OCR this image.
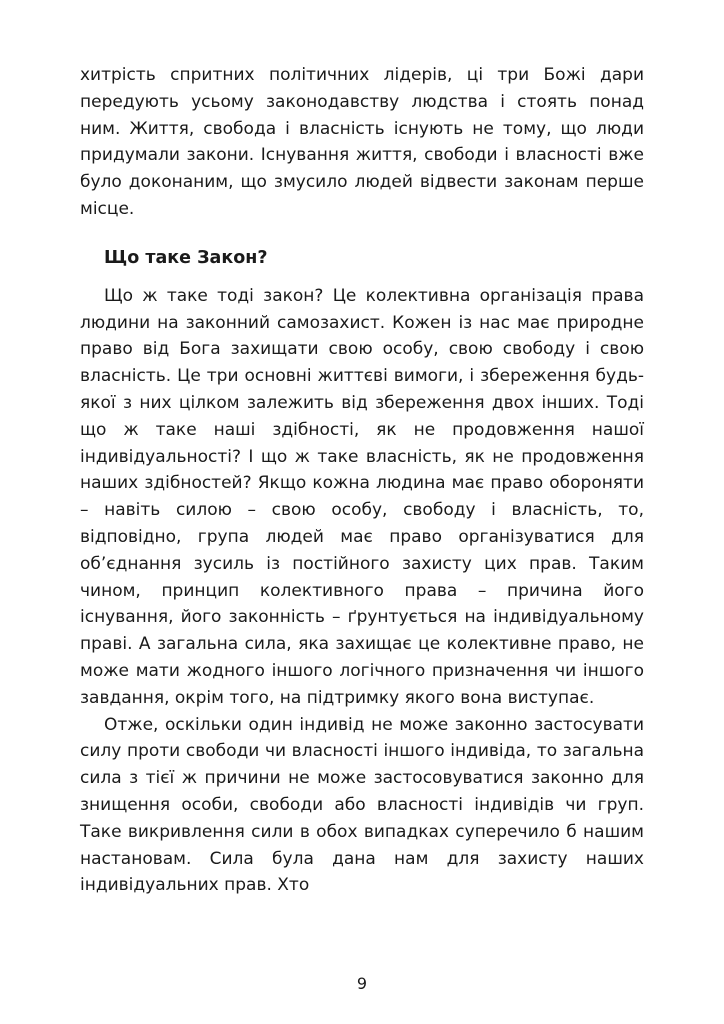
хитрість спритних політичних лідерів, ці три Божі дари передують усьому законодавству людства і стоять понад ним. Життя, свобода і власність існують не тому, що люди придумали закони. Існування життя, свободи і власності вже було доконаним, що змусило людей відвести законам перше місце.

Що таке Закон?

Що ж таке тоді закон? Це колективна організація права людини на законний самозахист. Кожен із нас має природне право від Бога захищати свою особу, свою свободу і свою власність. Це три основні життєві вимоги, і збереження будь-якої з них цілком залежить від збереження двох інших. Тоді що ж таке наші здібності, як не продовження нашої індивідуальності? І що ж таке власність, як не продовження наших здібностей? Якщо кожна людина має право обороняти – навіть силою – свою особу, свободу і власність, то, відповідно, група людей має право організуватися для об’єднання зусиль із постійного захисту цих прав. Таким чином, принцип колективного права – причина його існування, його законність – ґрунтується на індивідуальному праві. А загальна сила, яка захищає це колективне право, не може мати жодного іншого логічного призначення чи іншого завдання, окрім того, на підтримку якого вона виступає.

Отже, оскільки один індивід не може законно застосувати силу проти свободи чи власності іншого індивіда, то загальна сила з тієї ж причини не може застосовуватися законно для знищення особи, свободи або власності індивідів чи груп. Таке викривлення сили в обох випадках суперечило б нашим настановам. Сила була дана нам для захисту наших індивідуальних прав. Хто

9
